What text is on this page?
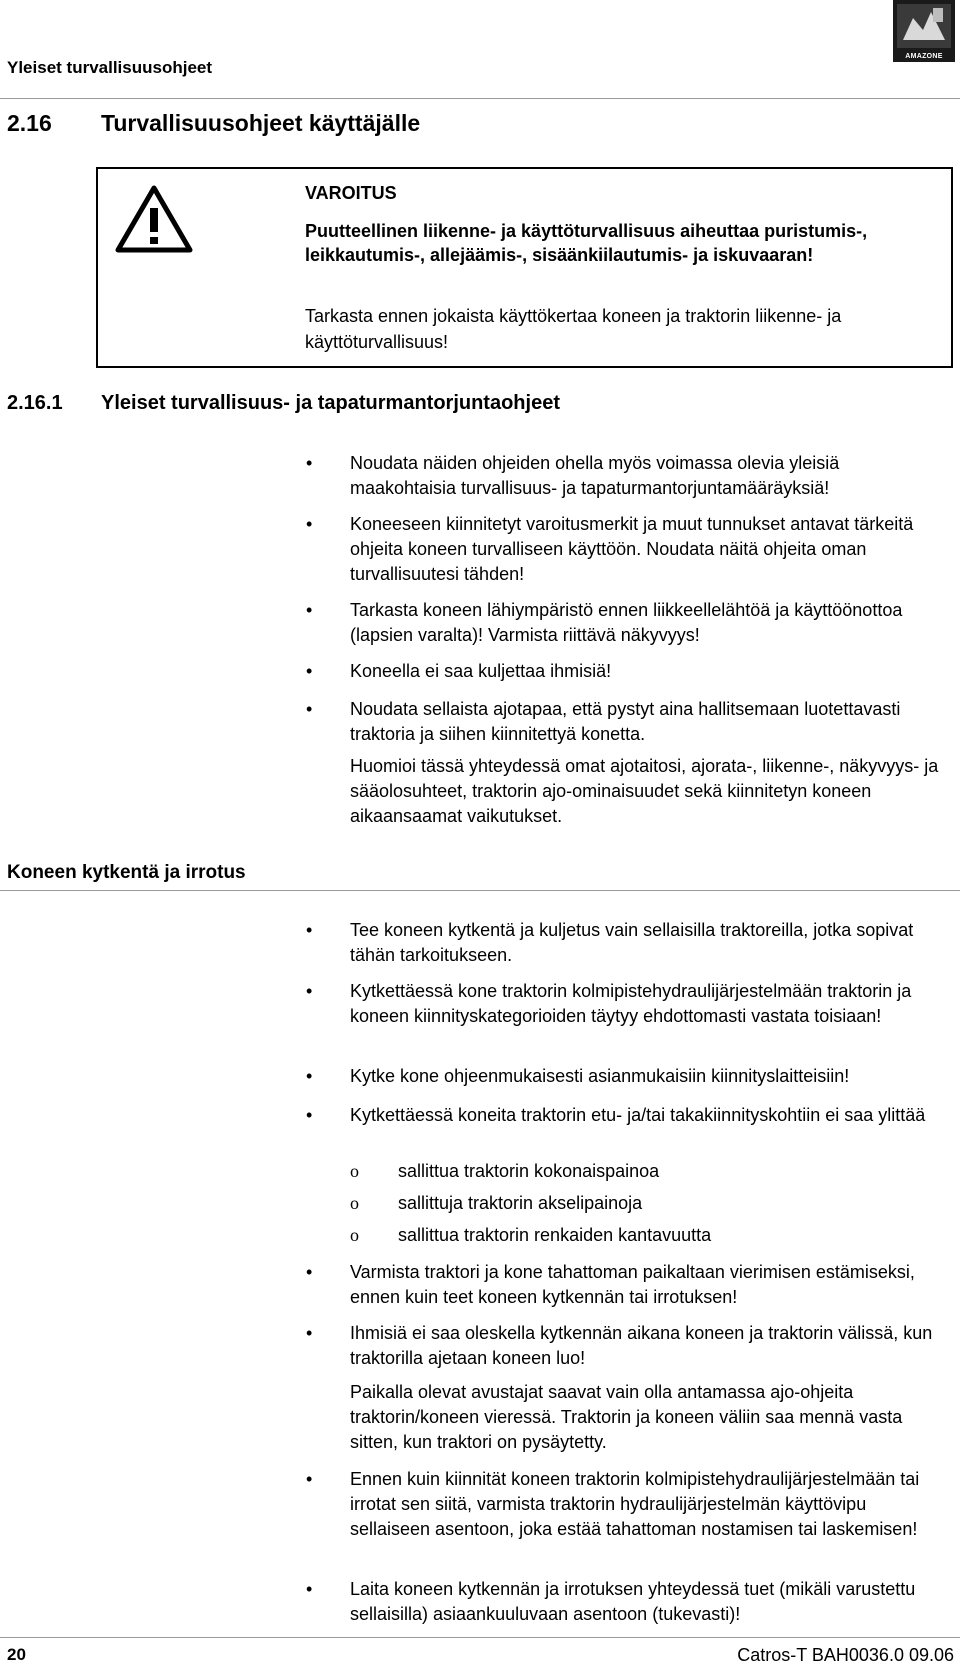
Yleiset turvallisuusohjeet
AMAZONE
2.16 Turvallisuusohjeet käyttäjälle
VAROITUS
Puutteellinen liikenne- ja käyttöturvallisuus aiheuttaa puristumis-, leikkautumis-, allejäämis-, sisäänkiilautumis- ja iskuvaaran!
Tarkasta ennen jokaista käyttökertaa koneen ja traktorin liikenne- ja käyttöturvallisuus!
2.16.1 Yleiset turvallisuus- ja tapaturmantorjuntaohjeet
• Noudata näiden ohjeiden ohella myös voimassa olevia yleisiä maakohtaisia turvallisuus- ja tapaturmantorjuntamääräyksiä!
• Koneeseen kiinnitetyt varoitusmerkit ja muut tunnukset antavat tärkeitä ohjeita koneen turvalliseen käyttöön. Noudata näitä ohjeita oman turvallisuutesi tähden!
• Tarkasta koneen lähiympäristö ennen liikkeellelähtöä ja käyttöönottoa (lapsien varalta)! Varmista riittävä näkyvyys!
• Koneella ei saa kuljettaa ihmisiä!
• Noudata sellaista ajotapaa, että pystyt aina hallitsemaan luotettavasti traktoria ja siihen kiinnitettyä konetta.
Huomioi tässä yhteydessä omat ajotaitosi, ajorata-, liikenne-, näkyvyys- ja sääolosuhteet, traktorin ajo-ominaisuudet sekä kiinnitetyn koneen aikaansaamat vaikutukset.
Koneen kytkentä ja irrotus
• Tee koneen kytkentä ja kuljetus vain sellaisilla traktoreilla, jotka sopivat tähän tarkoitukseen.
• Kytkettäessä kone traktorin kolmipistehydraulijärjestelmään traktorin ja koneen kiinnityskategorioiden täytyy ehdottomasti vastata toisiaan!
• Kytke kone ohjeenmukaisesti asianmukaisiin kiinnityslaitteisiin!
• Kytkettäessä koneita traktorin etu- ja/tai takakiinnityskohtiin ei saa ylittää
o sallittua traktorin kokonaispainoa
o sallittuja traktorin akselipainoja
o sallittua traktorin renkaiden kantavuutta
• Varmista traktori ja kone tahattoman paikaltaan vierimisen estämiseksi, ennen kuin teet koneen kytkennän tai irrotuksen!
• Ihmisiä ei saa oleskella kytkennän aikana koneen ja traktorin välissä, kun traktorilla ajetaan koneen luo!
Paikalla olevat avustajat saavat vain olla antamassa ajo-ohjeita traktorin/koneen vieressä. Traktorin ja koneen väliin saa mennä vasta sitten, kun traktori on pysäytetty.
• Ennen kuin kiinnität koneen traktorin kolmipistehydraulijärjestelmään tai irrotat sen siitä, varmista traktorin hydraulijärjestelmän käyttövipu sellaiseen asentoon, joka estää tahattoman nostamisen tai laskemisen!
• Laita koneen kytkennän ja irrotuksen yhteydessä tuet (mikäli varustettu sellaisilla) asiaankuuluvaan asentoon (tukevasti)!
20	Catros-T BAH0036.0 09.06
